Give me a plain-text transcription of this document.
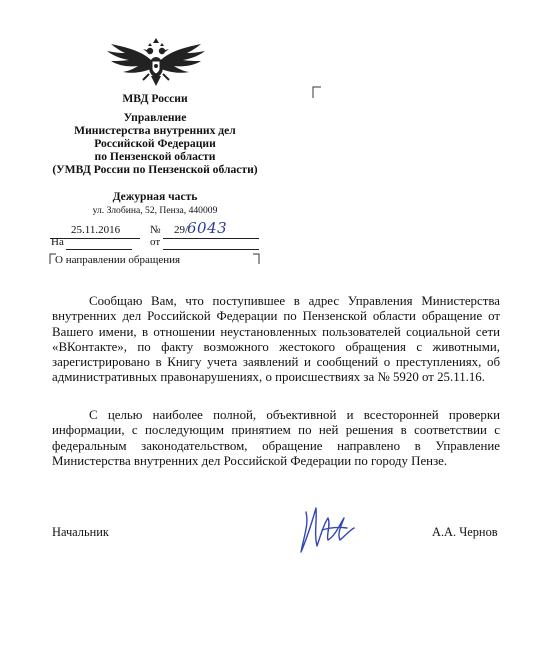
МВД России
Управление
Министерства внутренних дел
Российской Федерации
по Пензенской области
(УМВД России по Пензенской области)
Дежурная часть
ул. Злобина, 52, Пенза, 440009
25.11.2016	№ 29/
6043
На	от
О направлении обращения

Сообщаю Вам, что поступившее в адрес Управления Министерства внутренних дел Российской Федерации по Пензенской области обращение от Вашего имени, в отношении неустановленных пользователей социальной сети «ВКонтакте», по факту возможного жестокого обращения с животными, зарегистрировано в Книгу учета заявлений и сообщений о преступлениях, об административных правонарушениях, о происшествиях за № 5920 от 25.11.16.

С целью наиболее полной, объективной и всесторонней проверки информации, с последующим принятием по ней решения в соответствии с федеральным законодательством, обращение направлено в Управление Министерства внутренних дел Российской Федерации по городу Пензе.

Начальник	А.А. Чернов
